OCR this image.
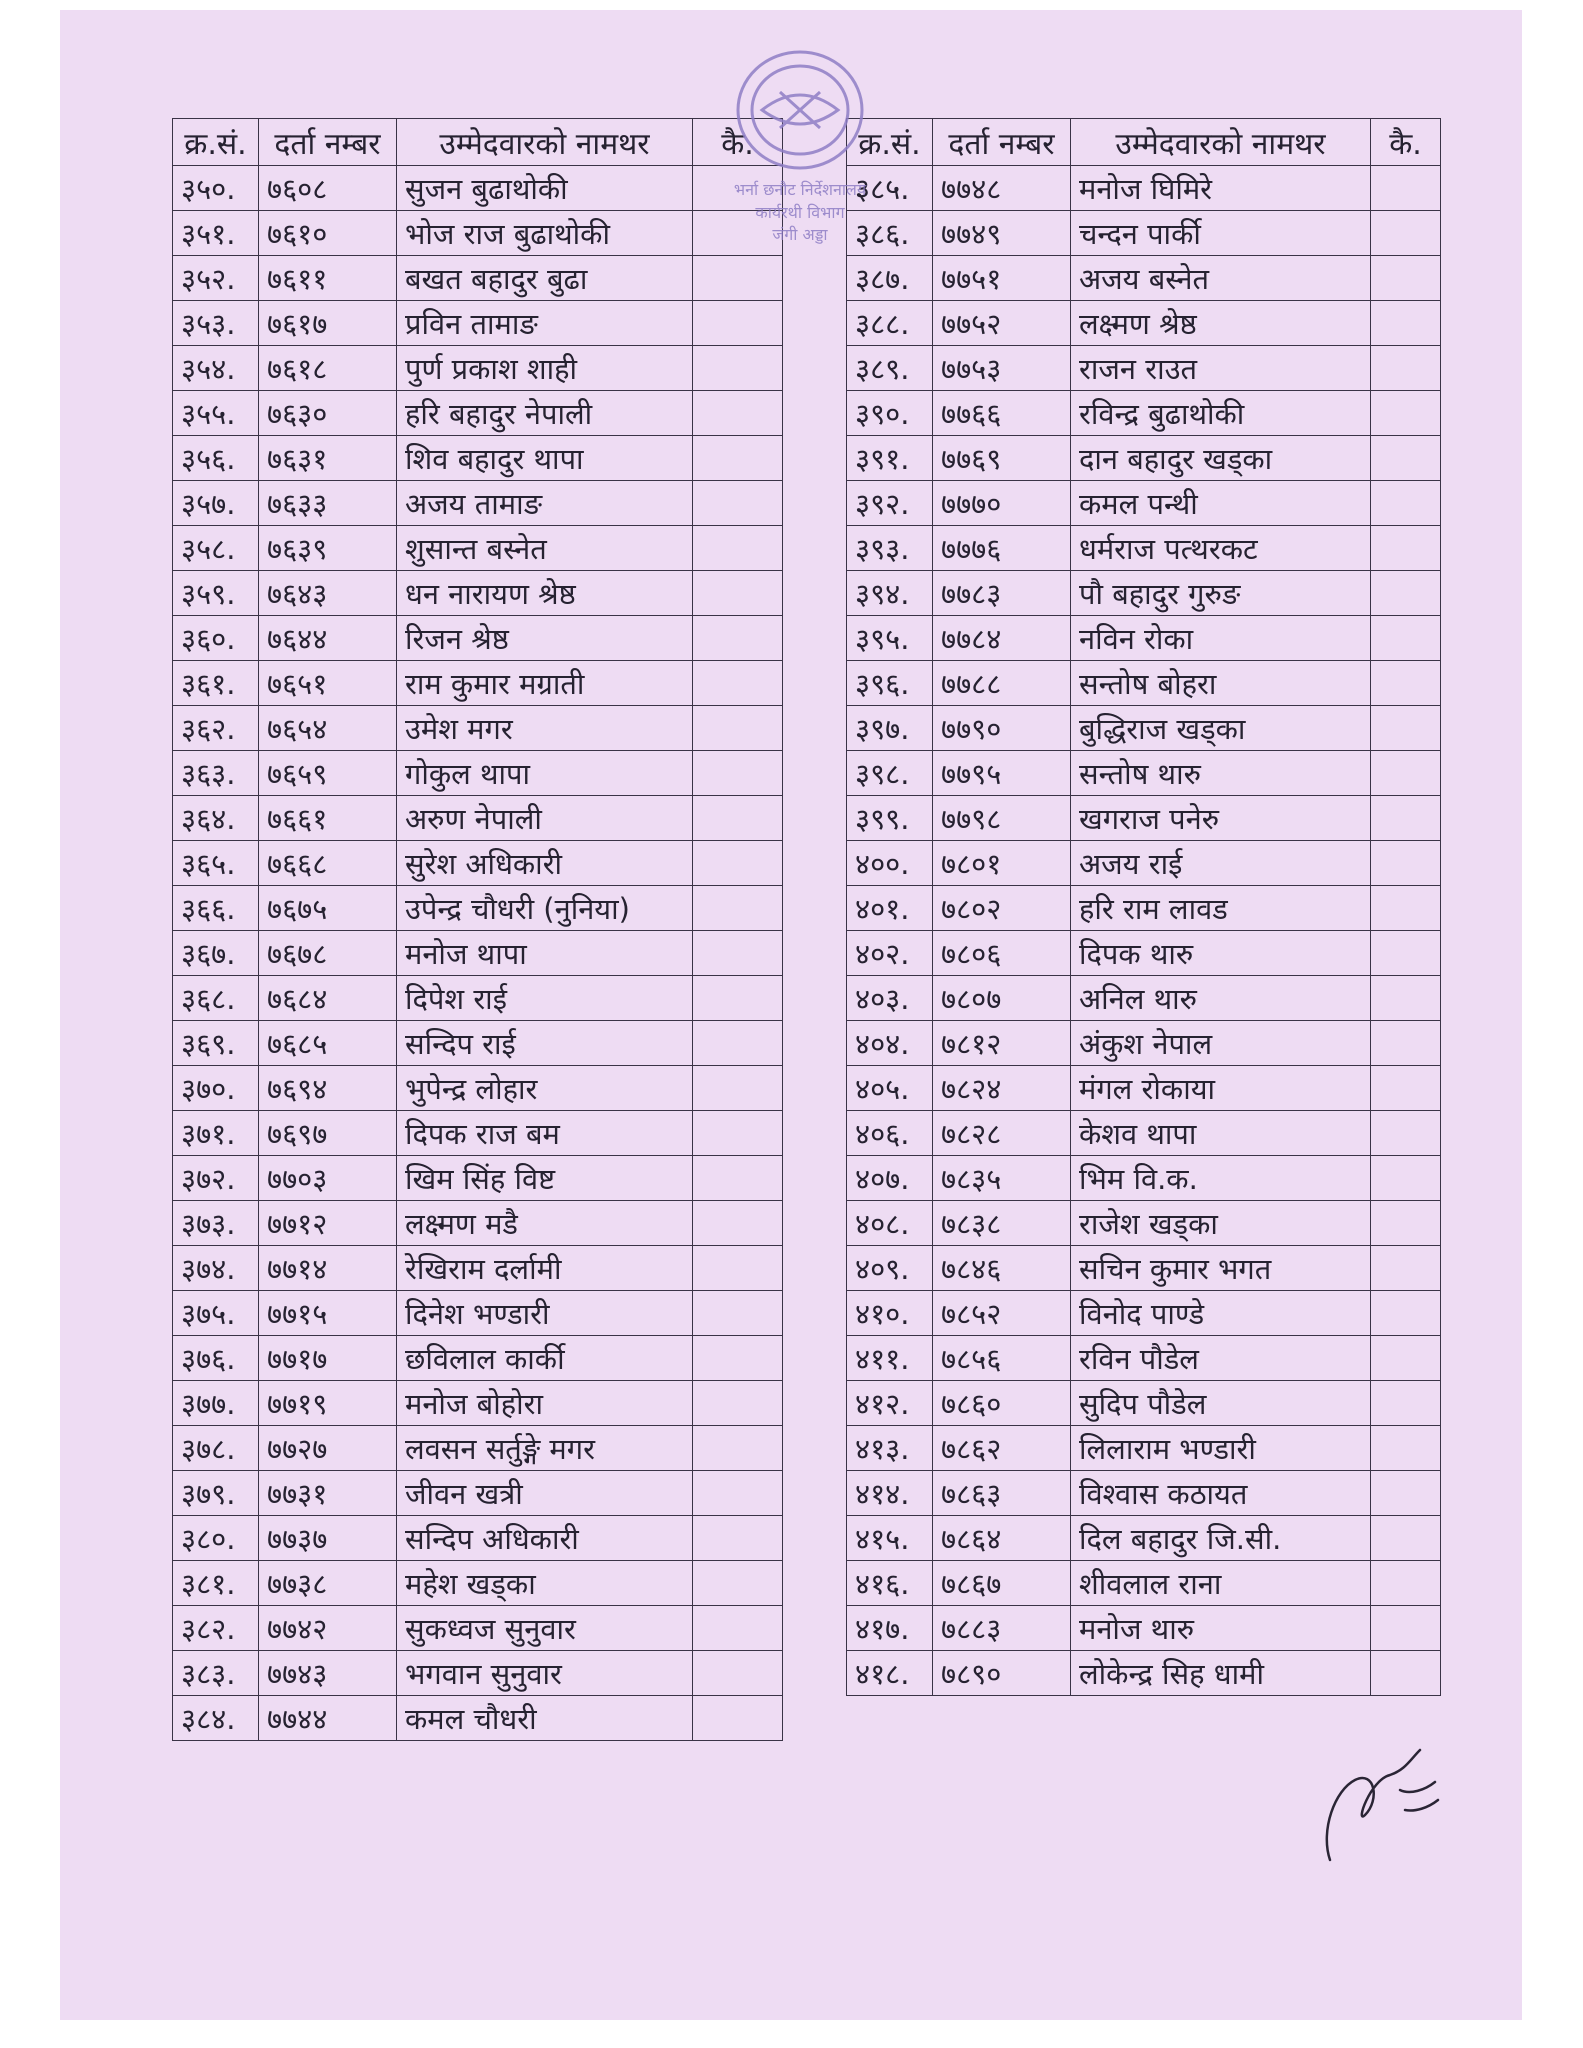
क्र.सं.	दर्ता नम्बर	उम्मेदवारको नामथर	कै.
३५०.	७६०८	सुजन बुढाथोकी	
३५१.	७६१०	भोज राज बुढाथोकी	
३५२.	७६११	बखत बहादुर बुढा	
३५३.	७६१७	प्रविन तामाङ	
३५४.	७६१८	पुर्ण प्रकाश शाही	
३५५.	७६३०	हरि बहादुर नेपाली	
३५६.	७६३१	शिव बहादुर थापा	
३५७.	७६३३	अजय तामाङ	
३५८.	७६३९	शुसान्त बस्नेत	
३५९.	७६४३	धन नारायण श्रेष्ठ	
३६०.	७६४४	रिजन श्रेष्ठ	
३६१.	७६५१	राम कुमार मग्राती	
३६२.	७६५४	उमेश मगर	
३६३.	७६५९	गोकुल थापा	
३६४.	७६६१	अरुण नेपाली	
३६५.	७६६८	सुरेश अधिकारी	
३६६.	७६७५	उपेन्द्र चौधरी (नुनिया)	
३६७.	७६७८	मनोज थापा	
३६८.	७६८४	दिपेश राई	
३६९.	७६८५	सन्दिप राई	
३७०.	७६९४	भुपेन्द्र लोहार	
३७१.	७६९७	दिपक राज बम	
३७२.	७७०३	खिम सिंह विष्ट	
३७३.	७७१२	लक्ष्मण मडै	
३७४.	७७१४	रेखिराम दर्लामी	
३७५.	७७१५	दिनेश भण्डारी	
३७६.	७७१७	छविलाल कार्की	
३७७.	७७१९	मनोज बोहोरा	
३७८.	७७२७	लवसन सर्तुङ्गे मगर	
३७९.	७७३१	जीवन खत्री	
३८०.	७७३७	सन्दिप अधिकारी	
३८१.	७७३८	महेश खड्का	
३८२.	७७४२	सुकध्वज सुनुवार	
३८३.	७७४३	भगवान सुनुवार	
३८४.	७७४४	कमल चौधरी	
क्र.सं.	दर्ता नम्बर	उम्मेदवारको नामथर	कै.
३८५.	७७४८	मनोज घिमिरे	
३८६.	७७४९	चन्दन पार्की	
३८७.	७७५१	अजय बस्नेत	
३८८.	७७५२	लक्ष्मण श्रेष्ठ	
३८९.	७७५३	राजन राउत	
३९०.	७७६६	रविन्द्र बुढाथोकी	
३९१.	७७६९	दान बहादुर खड्का	
३९२.	७७७०	कमल पन्थी	
३९३.	७७७६	धर्मराज पत्थरकट	
३९४.	७७८३	पौ बहादुर गुरुङ	
३९५.	७७८४	नविन रोका	
३९६.	७७८८	सन्तोष बोहरा	
३९७.	७७९०	बुद्धिराज खड्का	
३९८.	७७९५	सन्तोष थारु	
३९९.	७७९८	खगराज पनेरु	
४००.	७८०१	अजय राई	
४०१.	७८०२	हरि राम लावड	
४०२.	७८०६	दिपक थारु	
४०३.	७८०७	अनिल थारु	
४०४.	७८१२	अंकुश नेपाल	
४०५.	७८२४	मंगल रोकाया	
४०६.	७८२८	केशव थापा	
४०७.	७८३५	भिम वि.क.	
४०८.	७८३८	राजेश खड्का	
४०९.	७८४६	सचिन कुमार भगत	
४१०.	७८५२	विनोद पाण्डे	
४११.	७८५६	रविन पौडेल	
४१२.	७८६०	सुदिप पौडेल	
४१३.	७८६२	लिलाराम भण्डारी	
४१४.	७८६३	विश्वास कठायत	
४१५.	७८६४	दिल बहादुर जि.सी.	
४१६.	७८६७	शीवलाल राना	
४१७.	७८८३	मनोज थारु	
४१८.	७८९०	लोकेन्द्र सिह धामी	
भर्ना छनौट निर्देशनालय
कार्यरथी विभाग
जंगी अड्डा
